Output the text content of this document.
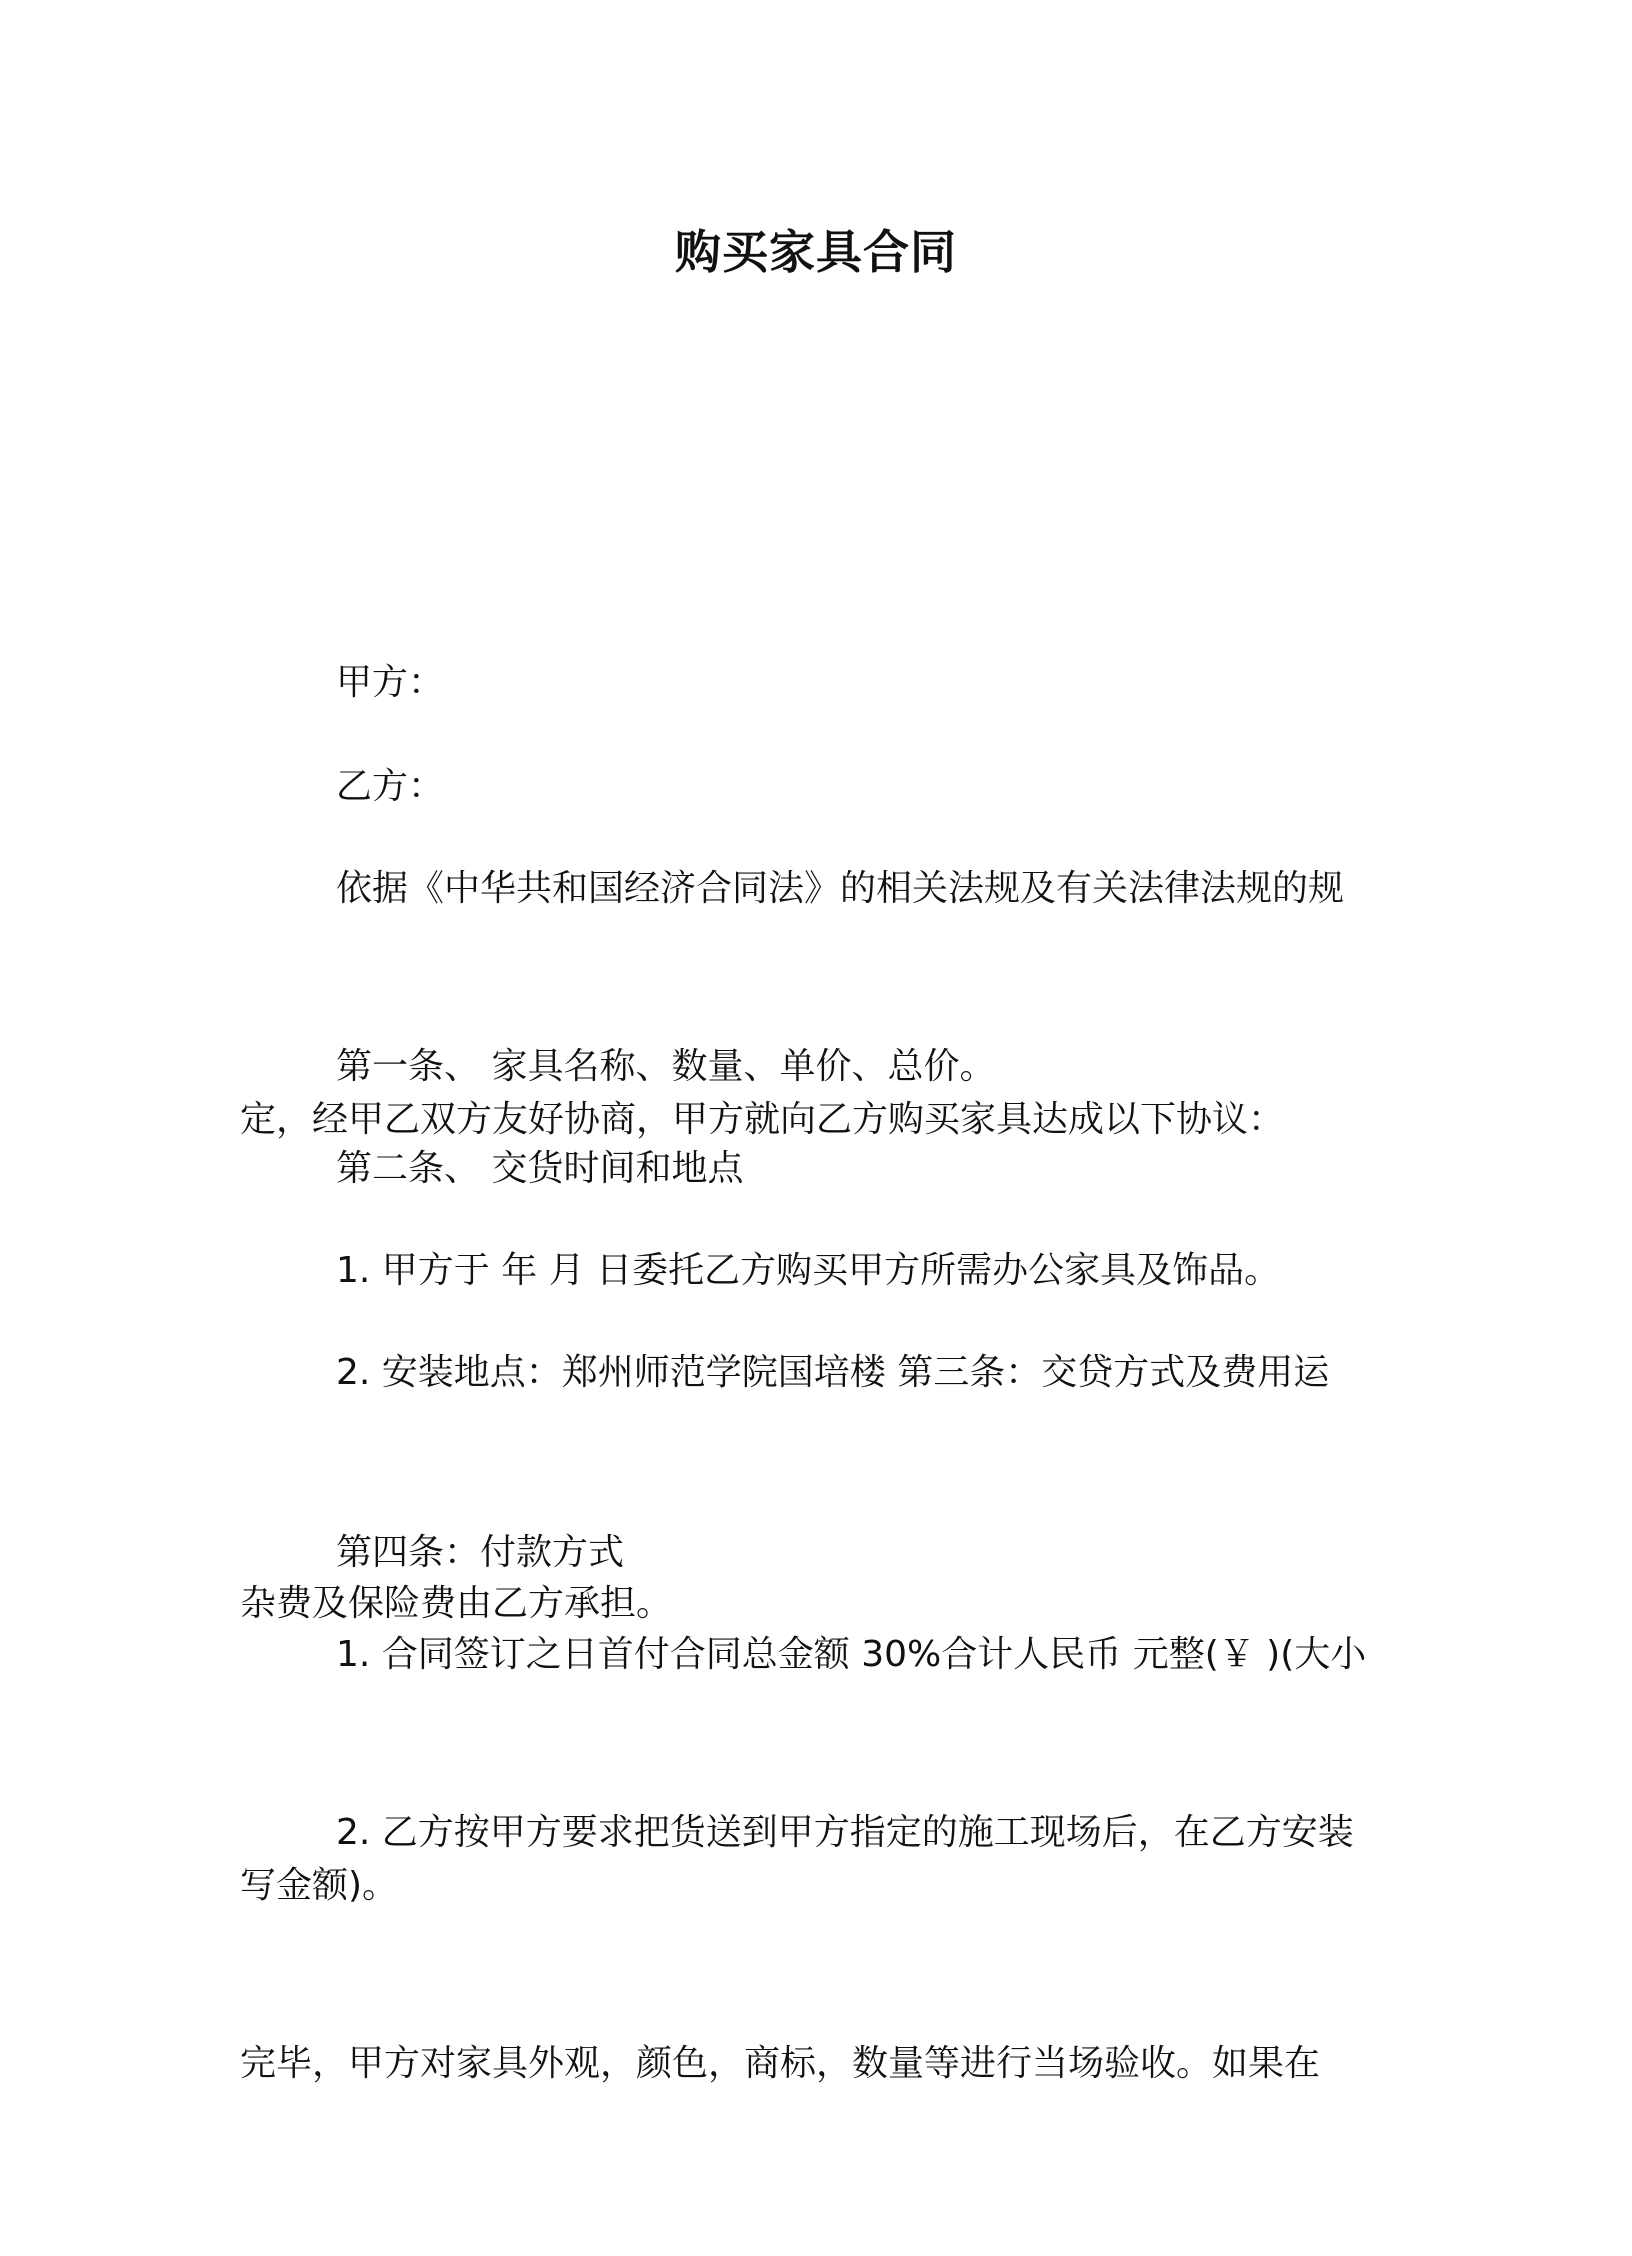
购买家具合同

甲方：

乙方：

依据《中华共和国经济合同法》的相关法规及有关法律法规的规

定，经甲乙双方友好协商，甲方就向乙方购买家具达成以下协议：

第一条、 家具名称、数量、单价、总价。

第二条、 交货时间和地点

1. 甲方于 年 月 日委托乙方购买甲方所需办公家具及饰品。

2. 安装地点：郑州师范学院国培楼 第三条：交贷方式及费用运

杂费及保险费由乙方承担。

第四条：付款方式

1. 合同签订之日首付合同总金额 30%合计人民币 元整(￥ )(大小

写金额)。

2. 乙方按甲方要求把货送到甲方指定的施工现场后，在乙方安装

完毕，甲方对家具外观，颜色，商标，数量等进行当场验收。如果在
